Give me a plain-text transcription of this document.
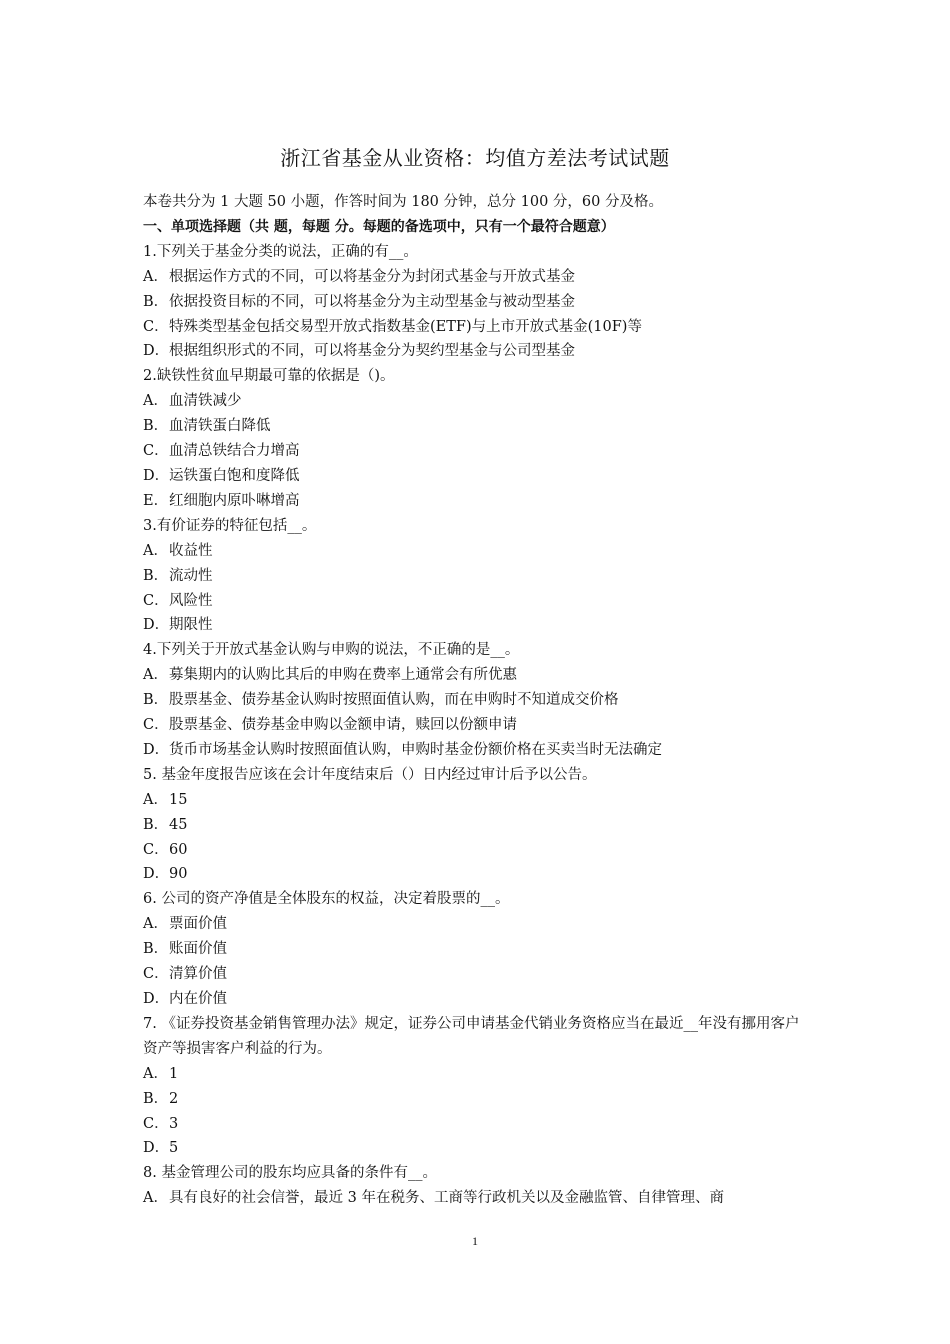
浙江省基金从业资格：均值方差法考试试题
本卷共分为 1 大题 50 小题，作答时间为 180 分钟，总分 100 分，60 分及格。
一、单项选择题（共 题，每题 分。每题的备选项中，只有一个最符合题意）
1.下列关于基金分类的说法，正确的有__。
A．根据运作方式的不同，可以将基金分为封闭式基金与开放式基金
B．依据投资目标的不同，可以将基金分为主动型基金与被动型基金
C．特殊类型基金包括交易型开放式指数基金(ETF)与上市开放式基金(10F)等
D．根据组织形式的不同，可以将基金分为契约型基金与公司型基金
2.缺铁性贫血早期最可靠的依据是（)。
A．血清铁减少
B．血清铁蛋白降低
C．血清总铁结合力增高
D．运铁蛋白饱和度降低
E．红细胞内原卟啉增高
3.有价证券的特征包括__。
A．收益性
B．流动性
C．风险性
D．期限性
4.下列关于开放式基金认购与申购的说法，不正确的是__。
A．募集期内的认购比其后的申购在费率上通常会有所优惠
B．股票基金、债券基金认购时按照面值认购，而在申购时不知道成交价格
C．股票基金、债券基金申购以金额申请，赎回以份额申请
D．货币市场基金认购时按照面值认购，申购时基金份额价格在买卖当时无法确定
5. 基金年度报告应该在会计年度结束后（）日内经过审计后予以公告。
A．15
B．45
C．60
D．90
6. 公司的资产净值是全体股东的权益，决定着股票的__。
A．票面价值
B．账面价值
C．清算价值
D．内在价值
7. 《证券投资基金销售管理办法》规定，证券公司申请基金代销业务资格应当在最近__年没有挪用客户资产等损害客户利益的行为。
A．1
B．2
C．3
D．5
8. 基金管理公司的股东均应具备的条件有__。
A．具有良好的社会信誉，最近 3 年在税务、工商等行政机关以及金融监管、自律管理、商
1
